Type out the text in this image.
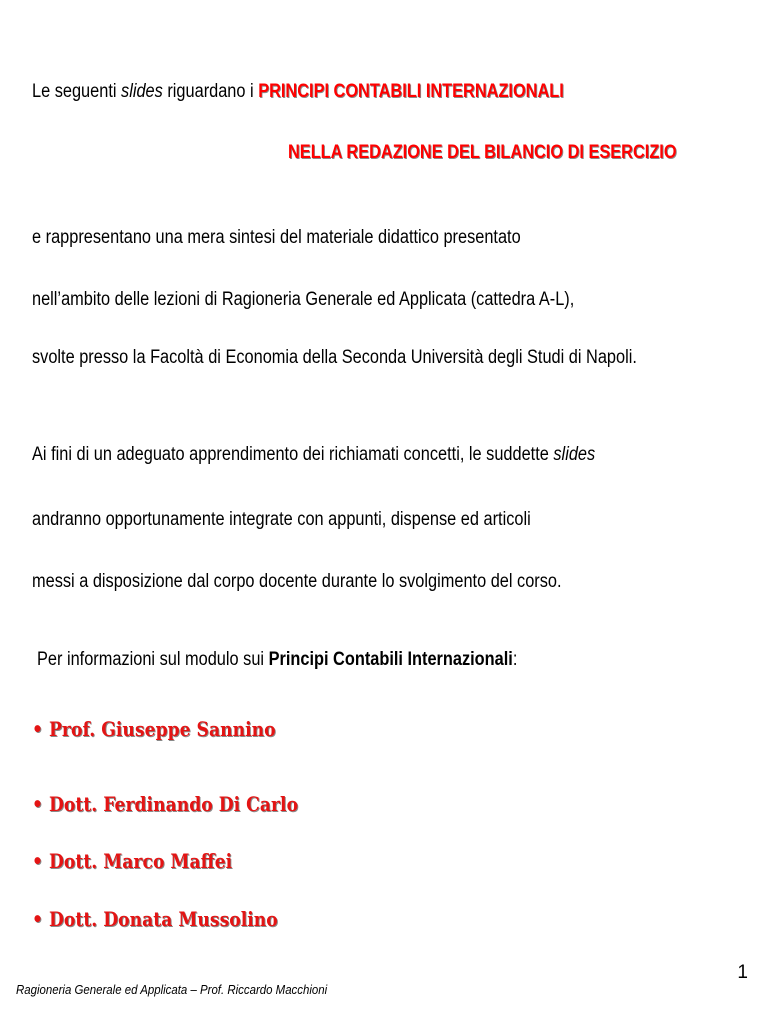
Le seguenti slides riguardano i PRINCIPI CONTABILI INTERNAZIONALI

NELLA REDAZIONE DEL BILANCIO DI ESERCIZIO

e rappresentano una mera sintesi del materiale didattico presentato

nell’ambito delle lezioni di Ragioneria Generale ed Applicata (cattedra A-L),

svolte presso la Facoltà di Economia della Seconda Università degli Studi di Napoli.

Ai fini di un adeguato apprendimento dei richiamati concetti, le suddette slides

andranno opportunamente integrate con appunti, dispense ed articoli

messi a disposizione dal corpo docente durante lo svolgimento del corso.

Per informazioni sul modulo sui Principi Contabili Internazionali:

• Prof. Giuseppe Sannino

• Dott. Ferdinando Di Carlo

• Dott. Marco Maffei

• Dott. Donata Mussolino

1
Ragioneria Generale ed Applicata – Prof. Riccardo Macchioni
